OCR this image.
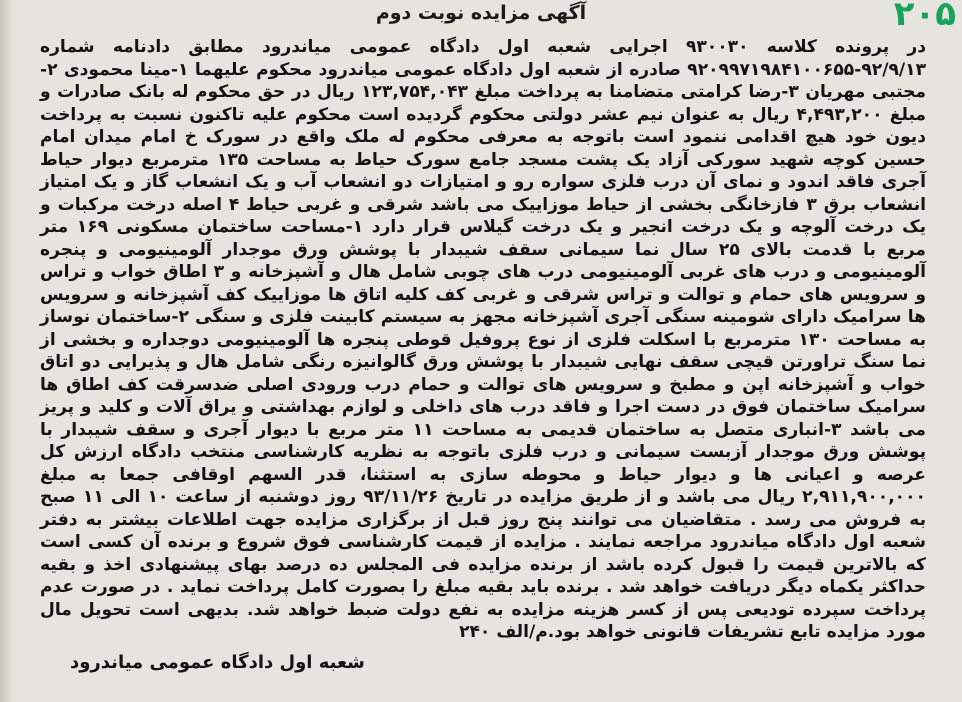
۲۰۵
آگهی مزایده نوبت دوم
در پرونده کلاسه ۹۳۰۰۳۰ اجرایی شعبه اول دادگاه عمومی میاندرود مطابق دادنامه شماره ۹۲/۹/۱۳-۹۲۰۹۹۷۱۹۸۴۱۰۰۶۵۵ صادره از شعبه اول دادگاه عمومی میاندرود محکوم علیهما ۱-مینا محمودی ۲-مجتبی مهریان ۳-رضا کرامتی متضامنا به پرداخت مبلغ ۱۲۳,۷۵۴,۰۴۳ ریال در حق محکوم له بانک صادرات و مبلغ ۴,۴۹۳,۲۰۰ ریال به عنوان نیم عشر دولتی محکوم گردیده است محکوم علیه تاکنون نسبت به پرداخت دیون خود هیچ اقدامی ننمود است باتوجه به معرفی محکوم له ملک واقع در سورک خ امام میدان امام حسین کوچه شهید سورکی آزاد یک پشت مسجد جامع سورک حیاط به مساحت ۱۳۵ مترمربع دیوار حیاط آجری فاقد اندود و نمای آن درب فلزی سواره رو و امتیازات دو انشعاب آب و یک انشعاب گاز و یک امتیاز انشعاب برق ۳ فازخانگی بخشی از حیاط موزاییک می باشد شرقی و غربی حیاط ۴ اصله درخت مرکبات و یک درخت آلوچه و یک درخت انجیر و یک درخت گیلاس قرار دارد ۱-مساحت ساختمان مسکونی ۱۶۹ متر مربع با قدمت بالای ۲۵ سال نما سیمانی سقف شیبدار با پوشش ورق موجدار آلومینیومی و پنجره آلومینیومی و درب های غربی آلومینیومی درب های چوبی شامل هال و آشپزخانه و ۳ اطاق خواب و تراس و سرویس های حمام و توالت و تراس شرقی و غربی کف کلیه اتاق ها موزاییک کف آشپزخانه و سرویس ها سرامیک دارای شومینه سنگی آجری آشپزخانه مجهز به سیستم کابینت فلزی و سنگی ۲-ساختمان نوساز به مساحت ۱۳۰ مترمربع با اسکلت فلزی از نوع پروفیل قوطی پنجره ها آلومینیومی دوجداره و بخشی از نما سنگ تراورتن قیچی سقف نهایی شیبدار با پوشش ورق گالوانیزه رنگی شامل هال و پذیرایی دو اتاق خواب و آشپزخانه اپن و مطبخ و سرویس های توالت و حمام درب ورودی اصلی ضدسرقت کف اطاق ها سرامیک ساختمان فوق در دست اجرا و فاقد درب های داخلی و لوازم بهداشتی و یراق آلات و کلید و پریز می باشد ۳-انباری متصل به ساختمان قدیمی به مساحت ۱۱ متر مربع با دیوار آجری و سقف شیبدار با پوشش ورق موجدار آزبست سیمانی و درب فلزی باتوجه به نظریه کارشناسی منتخب دادگاه ارزش کل عرصه و اعیانی ها و دیوار حیاط و محوطه سازی به استثنا، قدر السهم اوقافی جمعا به مبلغ ۲,۹۱۱,۹۰۰,۰۰۰ ریال می باشد و از طریق مزایده در تاریخ ۹۳/۱۱/۲۶ روز دوشنبه از ساعت ۱۰ الی ۱۱ صبح به فروش می رسد . متقاضیان می توانند پنج روز قبل از برگزاری مزایده جهت اطلاعات بیشتر به دفتر شعبه اول دادگاه میاندرود مراجعه نمایند . مزایده از قیمت کارشناسی فوق شروع و برنده آن کسی است که بالاترین قیمت را قبول کرده باشد از برنده مزایده فی المجلس ده درصد بهای پیشنهادی اخذ و بقیه حداکثر یکماه دیگر دریافت خواهد شد . برنده باید بقیه مبلغ را بصورت کامل پرداخت نماید . در صورت عدم پرداخت سپرده تودیعی پس از کسر هزینه مزایده به نفع دولت ضبط خواهد شد. بدیهی است تحویل مال مورد مزایده تابع تشریفات قانونی خواهد بود.م/الف ۲۴۰
شعبه اول دادگاه عمومی میاندرود
